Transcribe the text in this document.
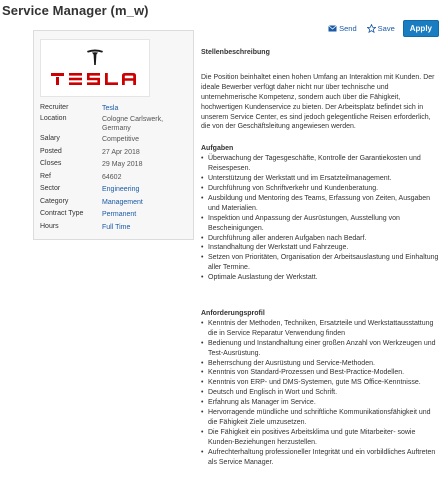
Service Manager (m_w)
Send	Save	Apply
Recruiter	Tesla
Location	Cologne Carlswerk, Germany
Salary	Competitive
Posted	27 Apr 2018
Closes	29 May 2018
Ref	64602
Sector	Engineering
Category	Management
Contract Type	Permanent
Hours	Full Time
Stellenbeschreibung
Die Position beinhaltet einen hohen Umfang an Interaktion mit Kunden. Der ideale Bewerber verfügt daher nicht nur über technische und unternehmerische Kompetenz, sondern auch über die Fähigkeit, hochwertigen Kundenservice zu bieten. Der Arbeitsplatz befindet sich in unserem Service Center, es sind jedoch gelegentliche Reisen erforderlich, die von der Geschäftsleitung angewiesen werden.
Aufgaben
• Überwachung der Tagesgeschäfte, Kontrolle der Garantiekosten und Reisespesen.
• Unterstützung der Werkstatt und im Ersatzteilmanagement.
• Durchführung von Schriftverkehr und Kundenberatung.
• Ausbildung und Mentoring des Teams, Erfassung von Zeiten, Ausgaben und Materialien.
• Inspektion und Anpassung der Ausrüstungen, Ausstellung von Bescheinigungen.
• Durchführung aller anderen Aufgaben nach Bedarf.
• Instandhaltung der Werkstatt und Fahrzeuge.
• Setzen von Prioritäten, Organisation der Arbeitsauslastung und Einhaltung aller Termine.
• Optimale Auslastung der Werkstatt.
Anforderungsprofil
• Kenntnis der Methoden, Techniken, Ersatzteile und Werkstattausstattung die in Service Reparatur Verwendung finden
• Bedienung und Instandhaltung einer großen Anzahl von Werkzeugen und Test-Ausrüstung.
• Beherrschung der Ausrüstung und Service-Methoden.
• Kenntnis von Standard-Prozessen und Best-Practice-Modellen.
• Kenntnis von ERP- und DMS-Systemen, gute MS Office-Kenntnisse.
• Deutsch und Englisch in Wort und Schrift.
• Erfahrung als Manager im Service.
• Hervorragende mündliche und schriftliche Kommunikationsfähigkeit und die Fähigkeit Ziele umzusetzen.
• Die Fähigkeit ein positives Arbeitsklima und gute Mitarbeiter- sowie Kunden-Beziehungen herzustellen.
• Aufrechterhaltung professioneller Integrität und ein vorbildliches Auftreten als Service Manager.
